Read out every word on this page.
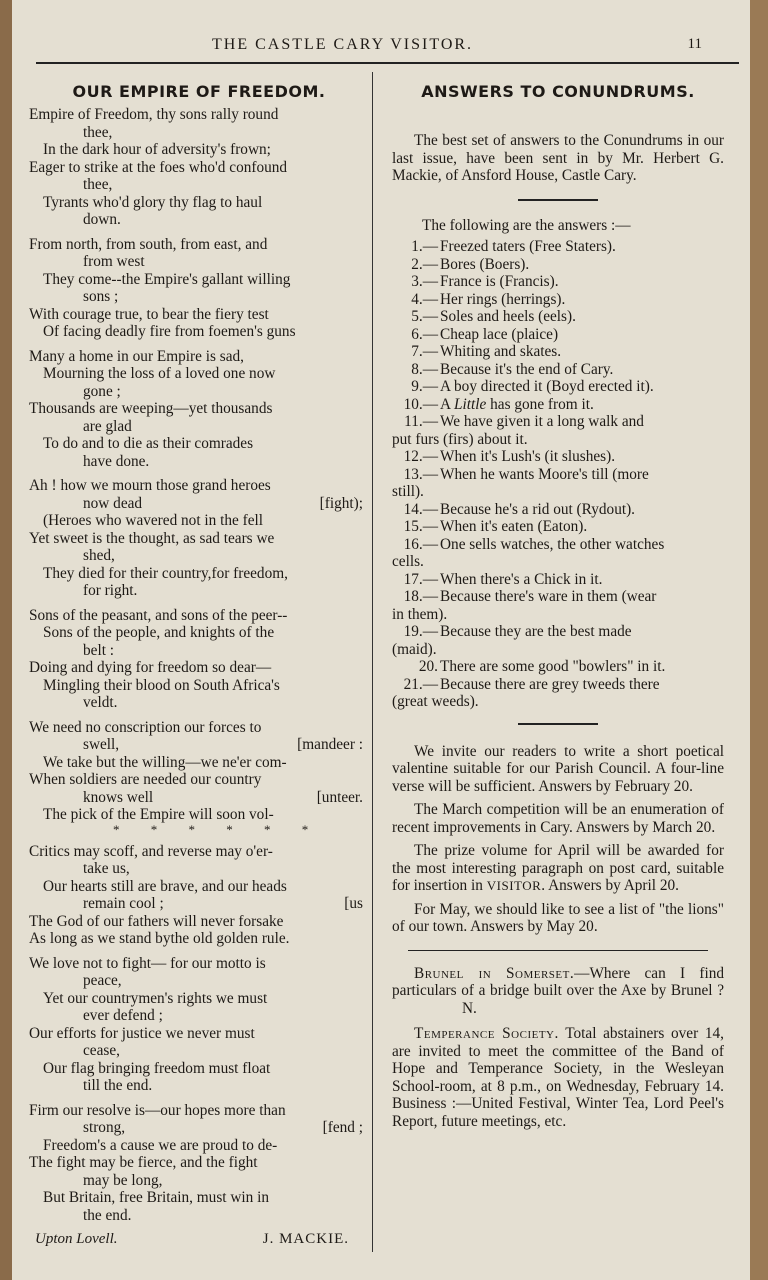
THE CASTLE CARY VISITOR.	11
OUR EMPIRE OF FREEDOM.
Empire of Freedom, thy sons rally round
thee,
In the dark hour of adversity's frown;
Eager to strike at the foes who'd confound
thee,
Tyrants who'd glory thy flag to haul
down.
From north, from south, from east, and
from west
They come--the Empire's gallant willing
sons ;
With courage true, to bear the fiery test
Of facing deadly fire from foemen's guns
Many a home in our Empire is sad,
Mourning the loss of a loved one now
gone ;
Thousands are weeping—yet thousands
are glad
To do and to die as their comrades
have done.
Ah ! how we mourn those grand heroes
now dead	[fight);
(Heroes who wavered not in the fell
Yet sweet is the thought, as sad tears we
shed,
They died for their country,for freedom,
for right.
Sons of the peasant, and sons of the peer--
Sons of the people, and knights of the
belt :
Doing and dying for freedom so dear—
Mingling their blood on South Africa's
veldt.
We need no conscription our forces to
swell,	[mandeer :
We take but the willing—we ne'er com-
When soldiers are needed our country
knows well	[unteer.
The pick of the Empire will soon vol-
* * * * * *
Critics may scoff, and reverse may o'er-
take us,
Our hearts still are brave, and our heads
remain cool ;	[us
The God of our fathers will never forsake
As long as we stand bythe old golden rule.
We love not to fight— for our motto is
peace,
Yet our countrymen's rights we must
ever defend ;
Our efforts for justice we never must
cease,
Our flag bringing freedom must float
till the end.
Firm our resolve is—our hopes more than
strong,	[fend ;
Freedom's a cause we are proud to de-
The fight may be fierce, and the fight
may be long,
But Britain, free Britain, must win in
the end.
Upton Lovell.	J. MACKIE.
ANSWERS TO CONUNDRUMS.

The best set of answers to the Conundrums in our last issue, have been sent in by Mr. Herbert G. Mackie, of Ansford House, Castle Cary.

The following are the answers :—
1.— Freezed taters (Free Staters).
2.— Bores (Boers).
3.— France is (Francis).
4.— Her rings (herrings).
5.— Soles and heels (eels).
6.— Cheap lace (plaice)
7.— Whiting and skates.
8.— Because it's the end of Cary.
9.— A boy directed it (Boyd erected it).
10.— A Little has gone from it.
11.— We have given it a long walk and
put furs (firs) about it.
12.— When it's Lush's (it slushes).
13.— When he wants Moore's till (more
still).
14.— Because he's a rid out (Rydout).
15.— When it's eaten (Eaton).
16.— One sells watches, the other watches
cells.
17.— When there's a Chick in it.
18.— Because there's ware in them (wear
in them).
19.— Because they are the best made
(maid).
20. There are some good "bowlers" in it.
21.— Because there are grey tweeds there
(great weeds).

We invite our readers to write a short poetical valentine suitable for our Parish Council. A four-line verse will be sufficient. Answers by February 20.

The March competition will be an enumeration of recent improvements in Cary. Answers by March 20.

The prize volume for April will be awarded for the most interesting paragraph on post card, suitable for insertion in VISITOR. Answers by April 20.

For May, we should like to see a list of "the lions" of our town. Answers by May 20.

Brunel in Somerset.—Where can I find particulars of a bridge built over the Axe by Brunel ? N.

Temperance Society. Total abstainers over 14, are invited to meet the committee of the Band of Hope and Temperance Society, in the Wesleyan School-room, at 8 p.m., on Wednesday, February 14. Business :—United Festival, Winter Tea, Lord Peel's Report, future meetings, etc.
